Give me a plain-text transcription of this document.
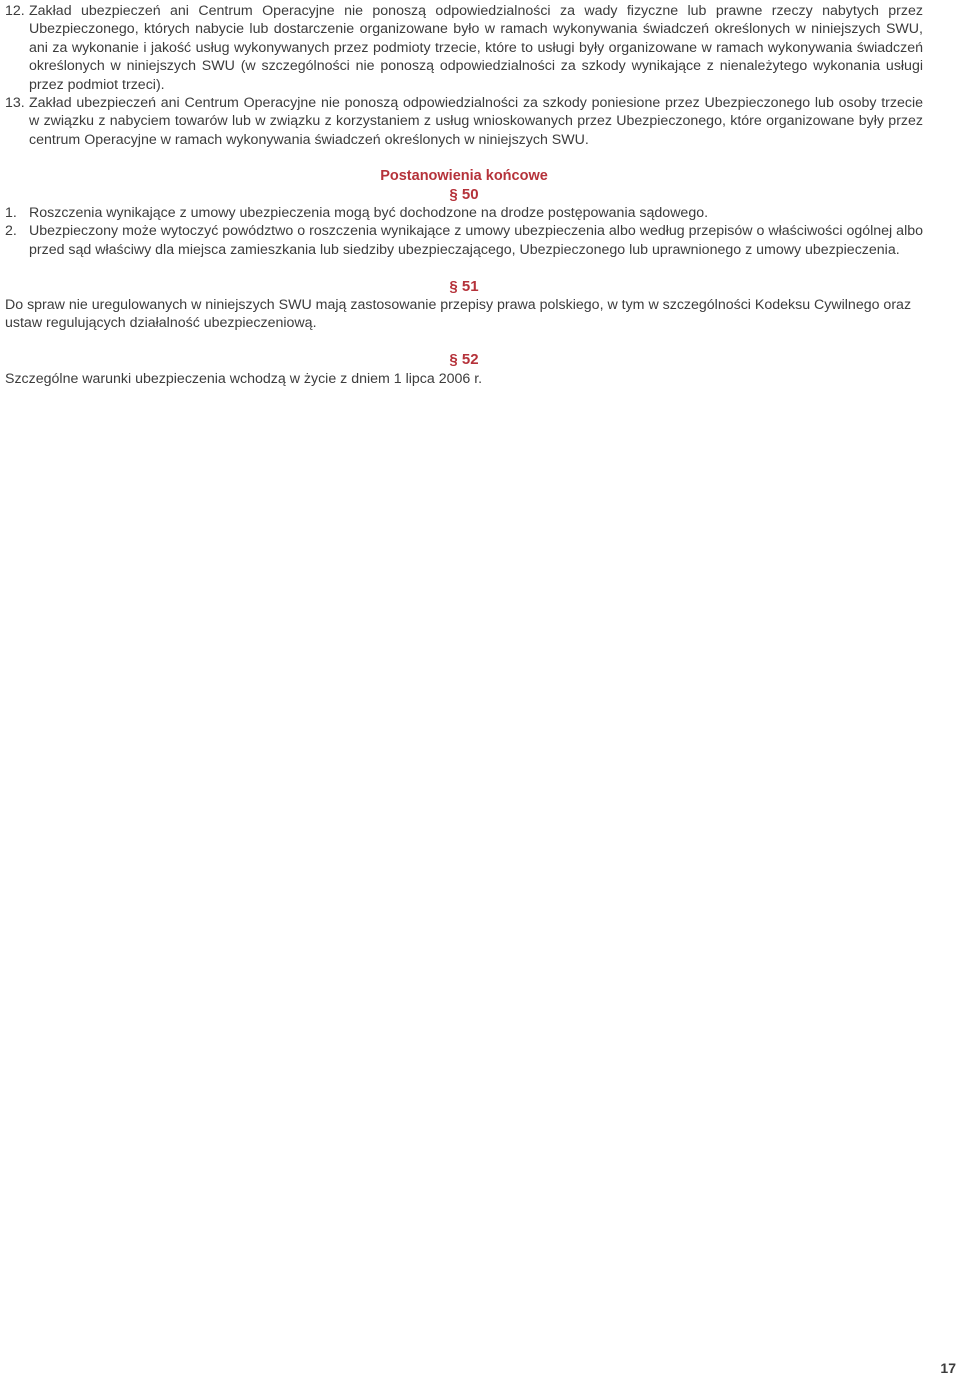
12. Zakład ubezpieczeń ani Centrum Operacyjne nie ponoszą odpowiedzialności za wady fizyczne lub prawne rzeczy nabytych przez Ubezpieczonego, których nabycie lub dostarczenie organizowane było w ramach wykonywania świadczeń określonych w niniejszych SWU, ani za wykonanie i jakość usług wykonywanych przez podmioty trzecie, które to usługi były organizowane w ramach wykonywania świadczeń określonych w niniejszych SWU (w szczególności nie ponoszą odpowiedzialności za szkody wynikające z nienależytego wykonania usługi przez podmiot trzeci).
13. Zakład ubezpieczeń ani Centrum Operacyjne nie ponoszą odpowiedzialności za szkody poniesione przez Ubezpieczonego lub osoby trzecie w związku z nabyciem towarów lub w związku z korzystaniem z usług wnioskowanych przez Ubezpieczonego, które organizowane były przez centrum Operacyjne w ramach wykonywania świadczeń określonych w niniejszych SWU.
Postanowienia końcowe
§ 50
1. Roszczenia wynikające z umowy ubezpieczenia mogą być dochodzone na drodze postępowania sądowego.
2. Ubezpieczony może wytoczyć powództwo o roszczenia wynikające z umowy ubezpieczenia albo według przepisów o właściwości ogólnej albo przed sąd właściwy dla miejsca zamieszkania lub siedziby ubezpieczającego, Ubezpieczonego lub uprawnionego z umowy ubezpieczenia.
§ 51
Do spraw nie uregulowanych w niniejszych SWU mają zastosowanie przepisy prawa polskiego, w tym w szczególności Kodeksu Cywilnego oraz ustaw regulujących działalność ubezpieczeniową.
§ 52
Szczególne warunki ubezpieczenia wchodzą w życie z dniem 1 lipca 2006 r.
17
